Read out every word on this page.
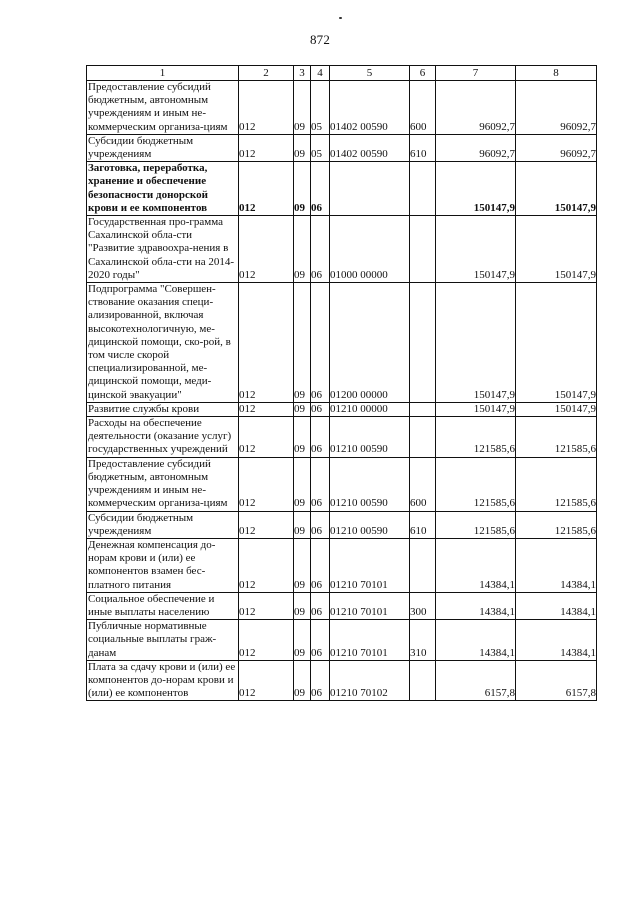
872
1	2	3	4	5	6	7	8
Предоставление субсидий бюджетным, автономным учреждениям и иным не-коммерческим организа-циям	012	09	05	01402 00590	600	96092,7	96092,7
Субсидии бюджетным учреждениям	012	09	05	01402 00590	610	96092,7	96092,7
Заготовка, переработка, хранение и обеспечение безопасности донорской крови и ее компонентов	012	09	06			150147,9	150147,9
Государственная про-грамма Сахалинской обла-сти "Развитие здравоохра-нения в Сахалинской обла-сти на 2014-2020 годы"	012	09	06	01000 00000		150147,9	150147,9
Подпрограмма "Совершен-ствование оказания специ-ализированной, включая высокотехнологичную, ме-дицинской помощи, ско-рой, в том числе скорой специализированной, ме-дицинской помощи, меди-цинской эвакуации"	012	09	06	01200 00000		150147,9	150147,9
Развитие службы крови	012	09	06	01210 00000		150147,9	150147,9
Расходы на обеспечение деятельности (оказание услуг) государственных учреждений	012	09	06	01210 00590		121585,6	121585,6
Предоставление субсидий бюджетным, автономным учреждениям и иным не-коммерческим организа-циям	012	09	06	01210 00590	600	121585,6	121585,6
Субсидии бюджетным учреждениям	012	09	06	01210 00590	610	121585,6	121585,6
Денежная компенсация до-норам крови и (или) ее компонентов взамен бес-платного питания	012	09	06	01210 70101		14384,1	14384,1
Социальное обеспечение и иные выплаты населению	012	09	06	01210 70101	300	14384,1	14384,1
Публичные нормативные социальные выплаты граж-данам	012	09	06	01210 70101	310	14384,1	14384,1
Плата за сдачу крови и (или) ее компонентов до-норам крови и (или) ее компонентов	012	09	06	01210 70102		6157,8	6157,8
